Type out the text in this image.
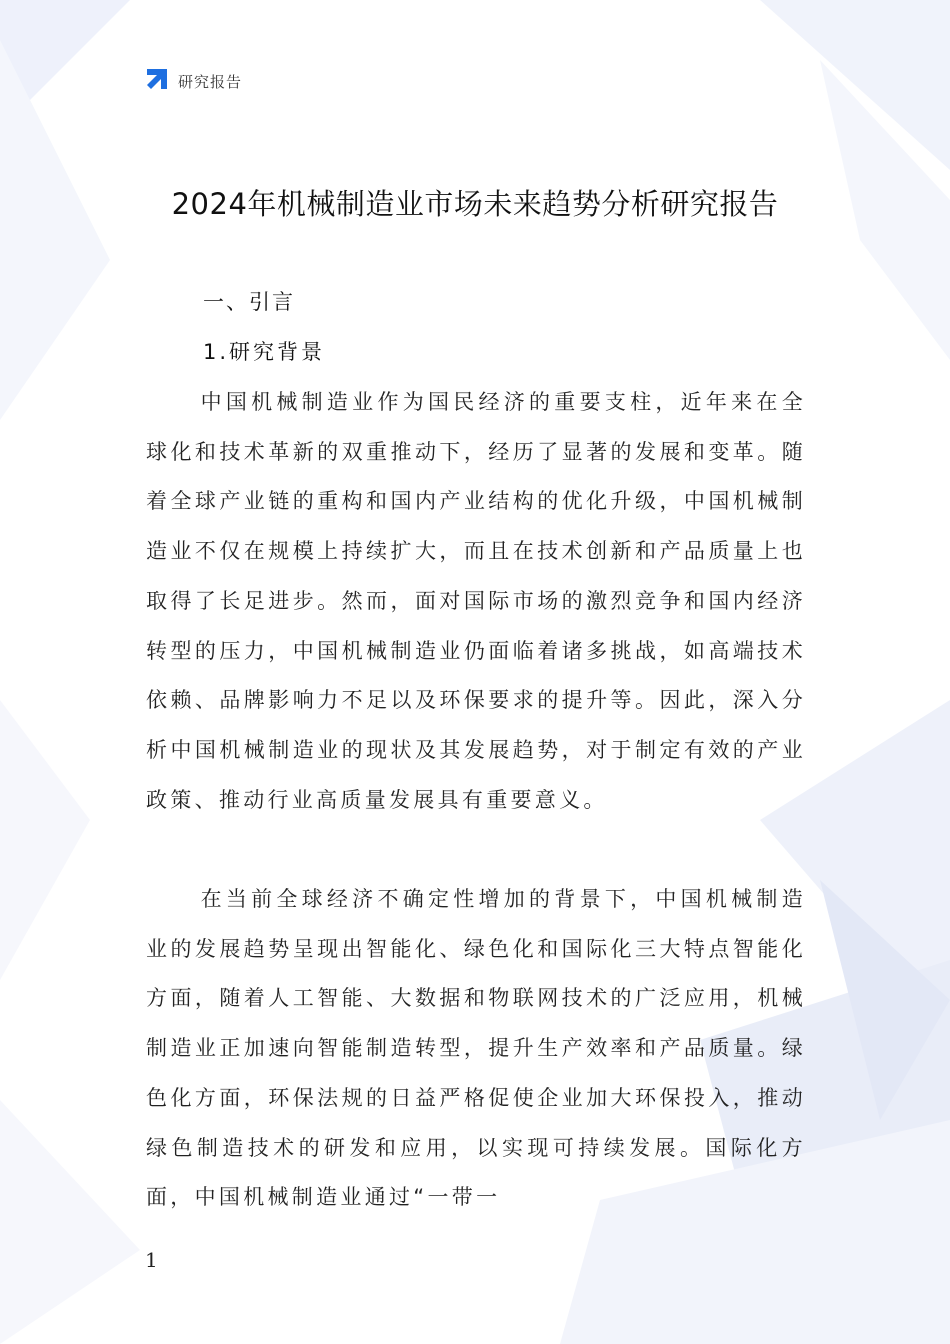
研究报告
2024年机械制造业市场未来趋势分析研究报告
一、引言
1.研究背景

中国机械制造业作为国民经济的重要支柱，近年来在全球化和技术革新的双重推动下，经历了显著的发展和变革。随着全球产业链的重构和国内产业结构的优化升级，中国机械制造业不仅在规模上持续扩大，而且在技术创新和产品质量上也取得了长足进步。然而，面对国际市场的激烈竞争和国内经济转型的压力，中国机械制造业仍面临着诸多挑战，如高端技术依赖、品牌影响力不足以及环保要求的提升等。因此，深入分析中国机械制造业的现状及其发展趋势，对于制定有效的产业政策、推动行业高质量发展具有重要意义。

在当前全球经济不确定性增加的背景下，中国机械制造业的发展趋势呈现出智能化、绿色化和国际化三大特点智能化方面，随着人工智能、大数据和物联网技术的广泛应用，机械制造业正加速向智能制造转型，提升生产效率和产品质量。绿色化方面，环保法规的日益严格促使企业加大环保投入，推动绿色制造技术的研发和应用，以实现可持续发展。国际化方面，中国机械制造业通过“一带一

1
